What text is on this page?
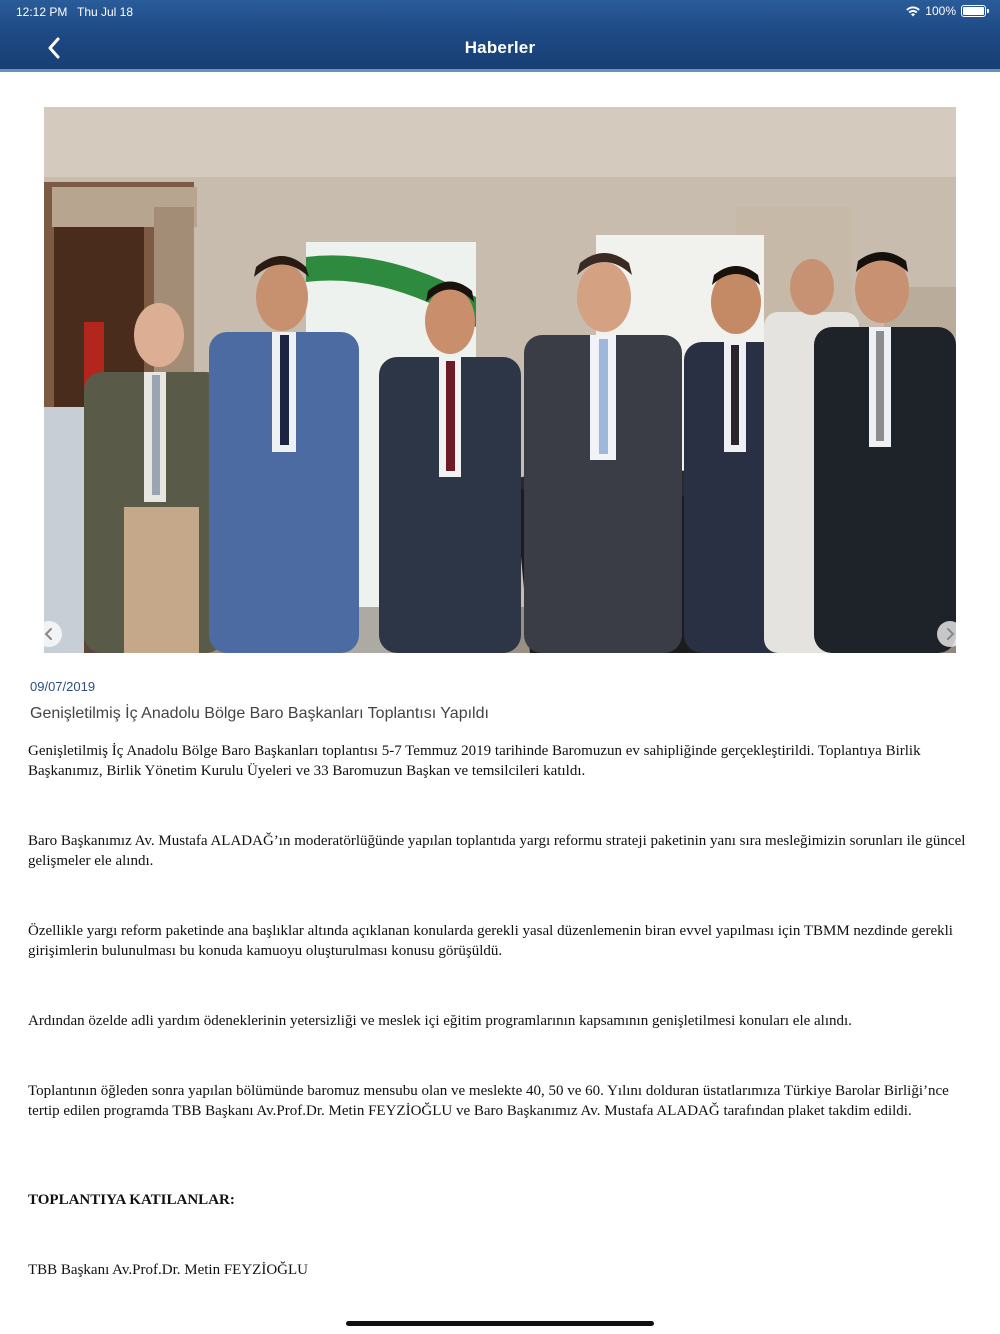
12:12 PM Thu Jul 18	100%
Haberler
09/07/2019
Genişletilmiş İç Anadolu Bölge Baro Başkanları Toplantısı Yapıldı

Genişletilmiş İç Anadolu Bölge Baro Başkanları toplantısı 5-7 Temmuz 2019 tarihinde Baromuzun ev sahipliğinde gerçekleştirildi. Toplantıya Birlik Başkanımız, Birlik Yönetim Kurulu Üyeleri ve 33 Baromuzun Başkan ve temsilcileri katıldı.

Baro Başkanımız Av. Mustafa ALADAĞ’ın moderatörlüğünde yapılan toplantıda yargı reformu strateji paketinin yanı sıra mesleğimizin sorunları ile güncel gelişmeler ele alındı.

Özellikle yargı reform paketinde ana başlıklar altında açıklanan konularda gerekli yasal düzenlemenin biran evvel yapılması için TBMM nezdinde gerekli girişimlerin bulunulması bu konuda kamuoyu oluşturulması konusu görüşüldü.

Ardından özelde adli yardım ödeneklerinin yetersizliği ve meslek içi eğitim programlarının kapsamının genişletilmesi konuları ele alındı.

Toplantının öğleden sonra yapılan bölümünde baromuz mensubu olan ve meslekte 40, 50 ve 60. Yılını dolduran üstatlarımıza Türkiye Barolar Birliği’nce tertip edilen programda TBB Başkanı Av.Prof.Dr. Metin FEYZİOĞLU ve Baro Başkanımız Av. Mustafa ALADAĞ tarafından plaket takdim edildi.

TOPLANTIYA KATILANLAR:

TBB Başkanı Av.Prof.Dr. Metin FEYZİOĞLU
